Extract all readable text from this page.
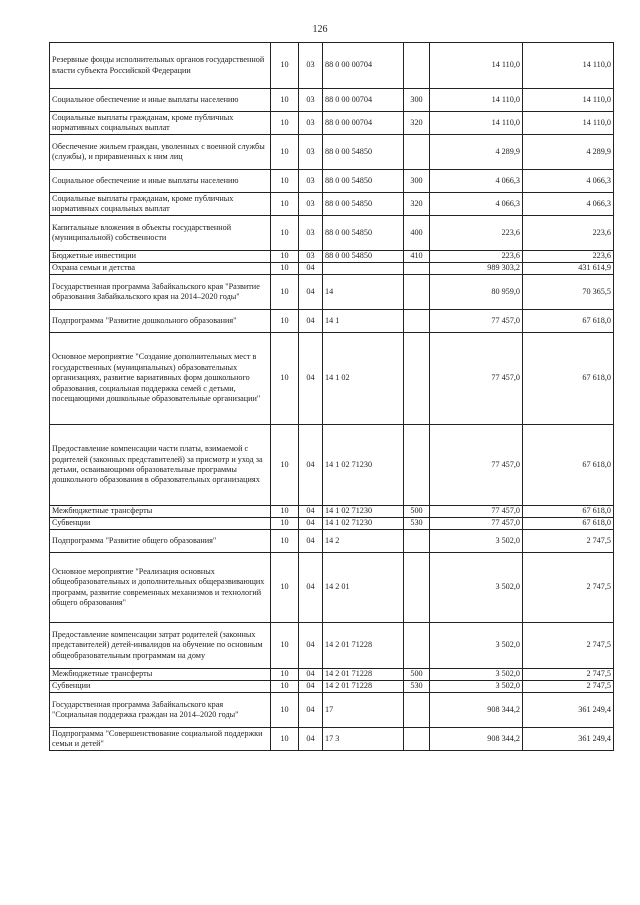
126
Резервные фонды исполнительных органов государственной власти субъекта Российской Федерации	10	03	88 0 00 00704		14 110,0	14 110,0
Социальное обеспечение и иные выплаты населению	10	03	88 0 00 00704	300	14 110,0	14 110,0
Социальные выплаты гражданам, кроме публичных нормативных социальных выплат	10	03	88 0 00 00704	320	14 110,0	14 110,0
Обеспечение жильем граждан, уволенных с военной службы (службы), и приравненных к ним лиц	10	03	88 0 00 54850		4 289,9	4 289,9
Социальное обеспечение и иные выплаты населению	10	03	88 0 00 54850	300	4 066,3	4 066,3
Социальные выплаты гражданам, кроме публичных нормативных социальных выплат	10	03	88 0 00 54850	320	4 066,3	4 066,3
Капитальные вложения в объекты государственной (муниципальной) собственности	10	03	88 0 00 54850	400	223,6	223,6
Бюджетные инвестиции	10	03	88 0 00 54850	410	223,6	223,6
Охрана семьи и детства	10	04			989 303,2	431 614,9
Государственная программа Забайкальского края "Развитие образования Забайкальского края на 2014–2020 годы"	10	04	14		80 959,0	70 365,5
Подпрограмма "Развитие дошкольного образования"	10	04	14 1		77 457,0	67 618,0
Основное мероприятие "Создание дополнительных мест в государственных (муниципальных) образовательных организациях, развитие вариативных форм дошкольного образования, социальная поддержка семей с детьми, посещающими дошкольные образовательные организации"	10	04	14 1 02		77 457,0	67 618,0
Предоставление компенсации части платы, взимаемой с родителей (законных представителей) за присмотр и уход за детьми, осваивающими образовательные программы дошкольного образования в образовательных организациях	10	04	14 1 02 71230		77 457,0	67 618,0
Межбюджетные трансферты	10	04	14 1 02 71230	500	77 457,0	67 618,0
Субвенции	10	04	14 1 02 71230	530	77 457,0	67 618,0
Подпрограмма "Развитие общего образования"	10	04	14 2		3 502,0	2 747,5
Основное мероприятие "Реализация основных общеобразовательных и дополнительных общеразвивающих программ, развитие современных механизмов и технологий общего образования"	10	04	14 2 01		3 502,0	2 747,5
Предоставление компенсации затрат родителей (законных представителей) детей-инвалидов на обучение по основным общеобразовательным программам на дому	10	04	14 2 01 71228		3 502,0	2 747,5
Межбюджетные трансферты	10	04	14 2 01 71228	500	3 502,0	2 747,5
Субвенции	10	04	14 2 01 71228	530	3 502,0	2 747,5
Государственная программа Забайкальского края "Социальная поддержка граждан на 2014–2020 годы"	10	04	17		908 344,2	361 249,4
Подпрограмма "Совершенствование социальной поддержки семьи и детей"	10	04	17 3		908 344,2	361 249,4
